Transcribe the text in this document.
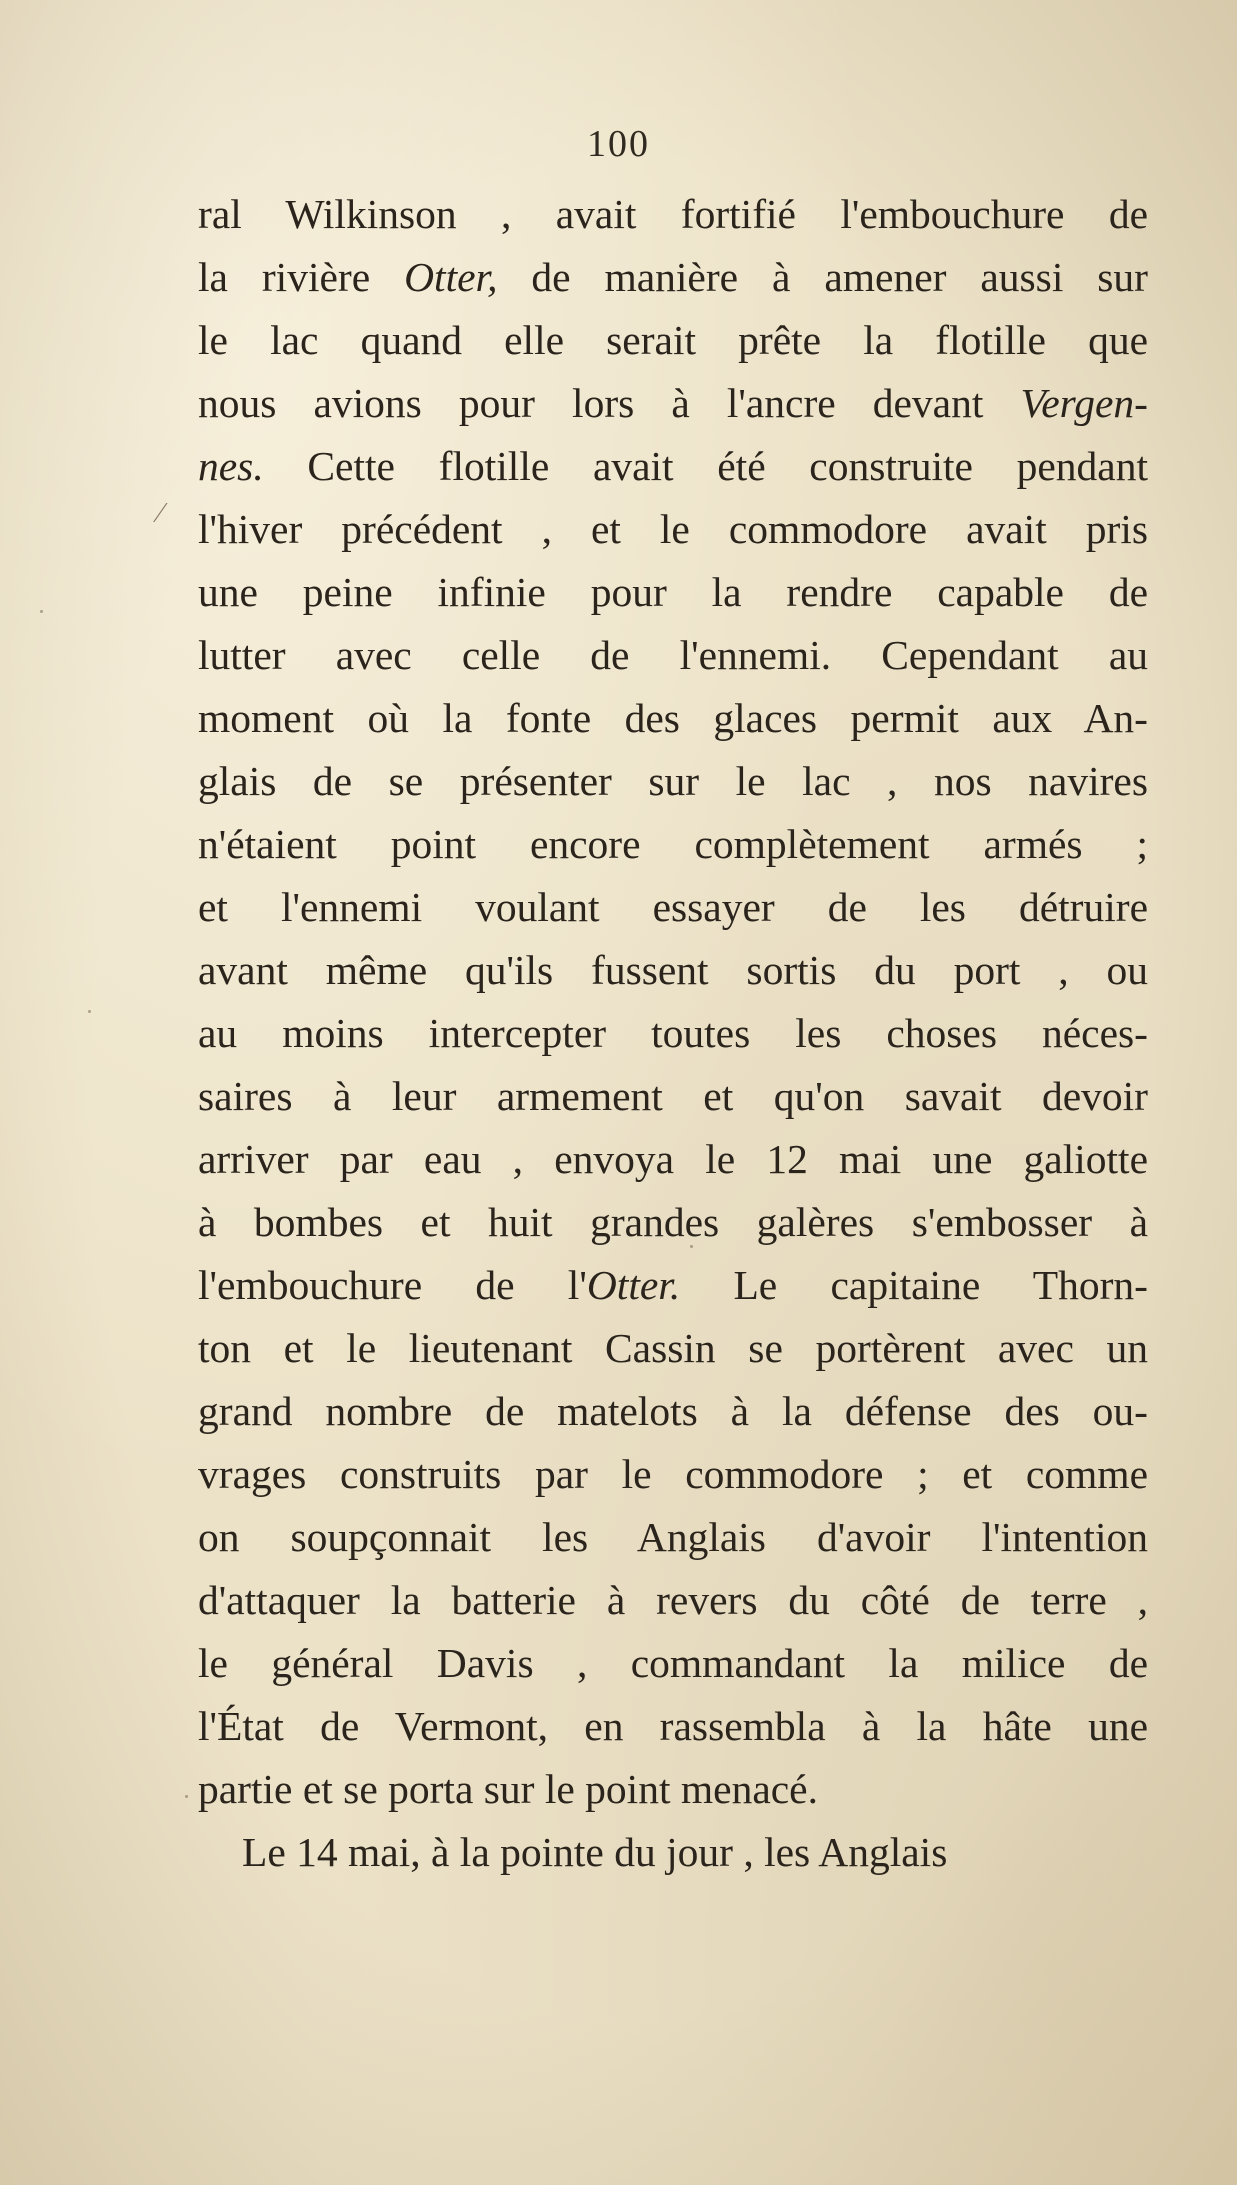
100
⁄
ral Wilkinson , avait fortifié l'embouchure de
la rivière Otter, de manière à amener aussi sur
le lac quand elle serait prête la flotille que
nous avions pour lors à l'ancre devant Vergen-
nes. Cette flotille avait été construite pendant
l'hiver précédent , et le commodore avait pris
une peine infinie pour la rendre capable de
lutter avec celle de l'ennemi. Cependant au
moment où la fonte des glaces permit aux An-
glais de se présenter sur le lac , nos navires
n'étaient point encore complètement armés ;
et l'ennemi voulant essayer de les détruire
avant même qu'ils fussent sortis du port , ou
au moins intercepter toutes les choses néces-
saires à leur armement et qu'on savait devoir
arriver par eau , envoya le 12 mai une galiotte
à bombes et huit grandes galères s'embosser à
l'embouchure de l'Otter. Le capitaine Thorn-
ton et le lieutenant Cassin se portèrent avec un
grand nombre de matelots à la défense des ou-
vrages construits par le commodore ; et comme
on soupçonnait les Anglais d'avoir l'intention
d'attaquer la batterie à revers du côté de terre ,
le général Davis , commandant la milice de
l'État de Vermont, en rassembla à la hâte une
partie et se porta sur le point menacé.
Le 14 mai, à la pointe du jour , les Anglais
